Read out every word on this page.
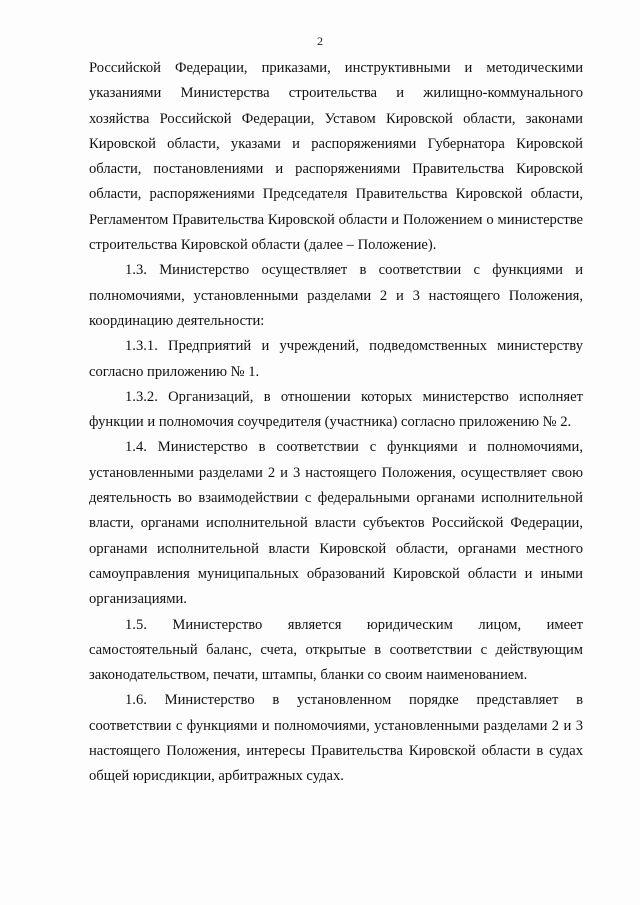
2

Российской Федерации, приказами, инструктивными и методическими указаниями Министерства строительства и жилищно-коммунального хозяйства Российской Федерации, Уставом Кировской области, законами Кировской области, указами и распоряжениями Губернатора Кировской области, постановлениями и распоряжениями Правительства Кировской области, распоряжениями Председателя Правительства Кировской области, Регламентом Правительства Кировской области и Положением о министерстве строительства Кировской области (далее – Положение).

1.3. Министерство осуществляет в соответствии с функциями и полномочиями, установленными разделами 2 и 3 настоящего Положения, координацию деятельности:

1.3.1. Предприятий и учреждений, подведомственных министерству согласно приложению № 1.

1.3.2. Организаций, в отношении которых министерство исполняет функции и полномочия соучредителя (участника) согласно приложению № 2.

1.4. Министерство в соответствии с функциями и полномочиями, установленными разделами 2 и 3 настоящего Положения, осуществляет свою деятельность во взаимодействии с федеральными органами исполнительной власти, органами исполнительной власти субъектов Российской Федерации, органами исполнительной власти Кировской области, органами местного самоуправления муниципальных образований Кировской области и иными организациями.

1.5. Министерство является юридическим лицом, имеет самостоятельный баланс, счета, открытые в соответствии с действующим законодательством, печати, штампы, бланки со своим наименованием.

1.6. Министерство в установленном порядке представляет в соответствии с функциями и полномочиями, установленными разделами 2 и 3 настоящего Положения, интересы Правительства Кировской области в судах общей юрисдикции, арбитражных судах.
